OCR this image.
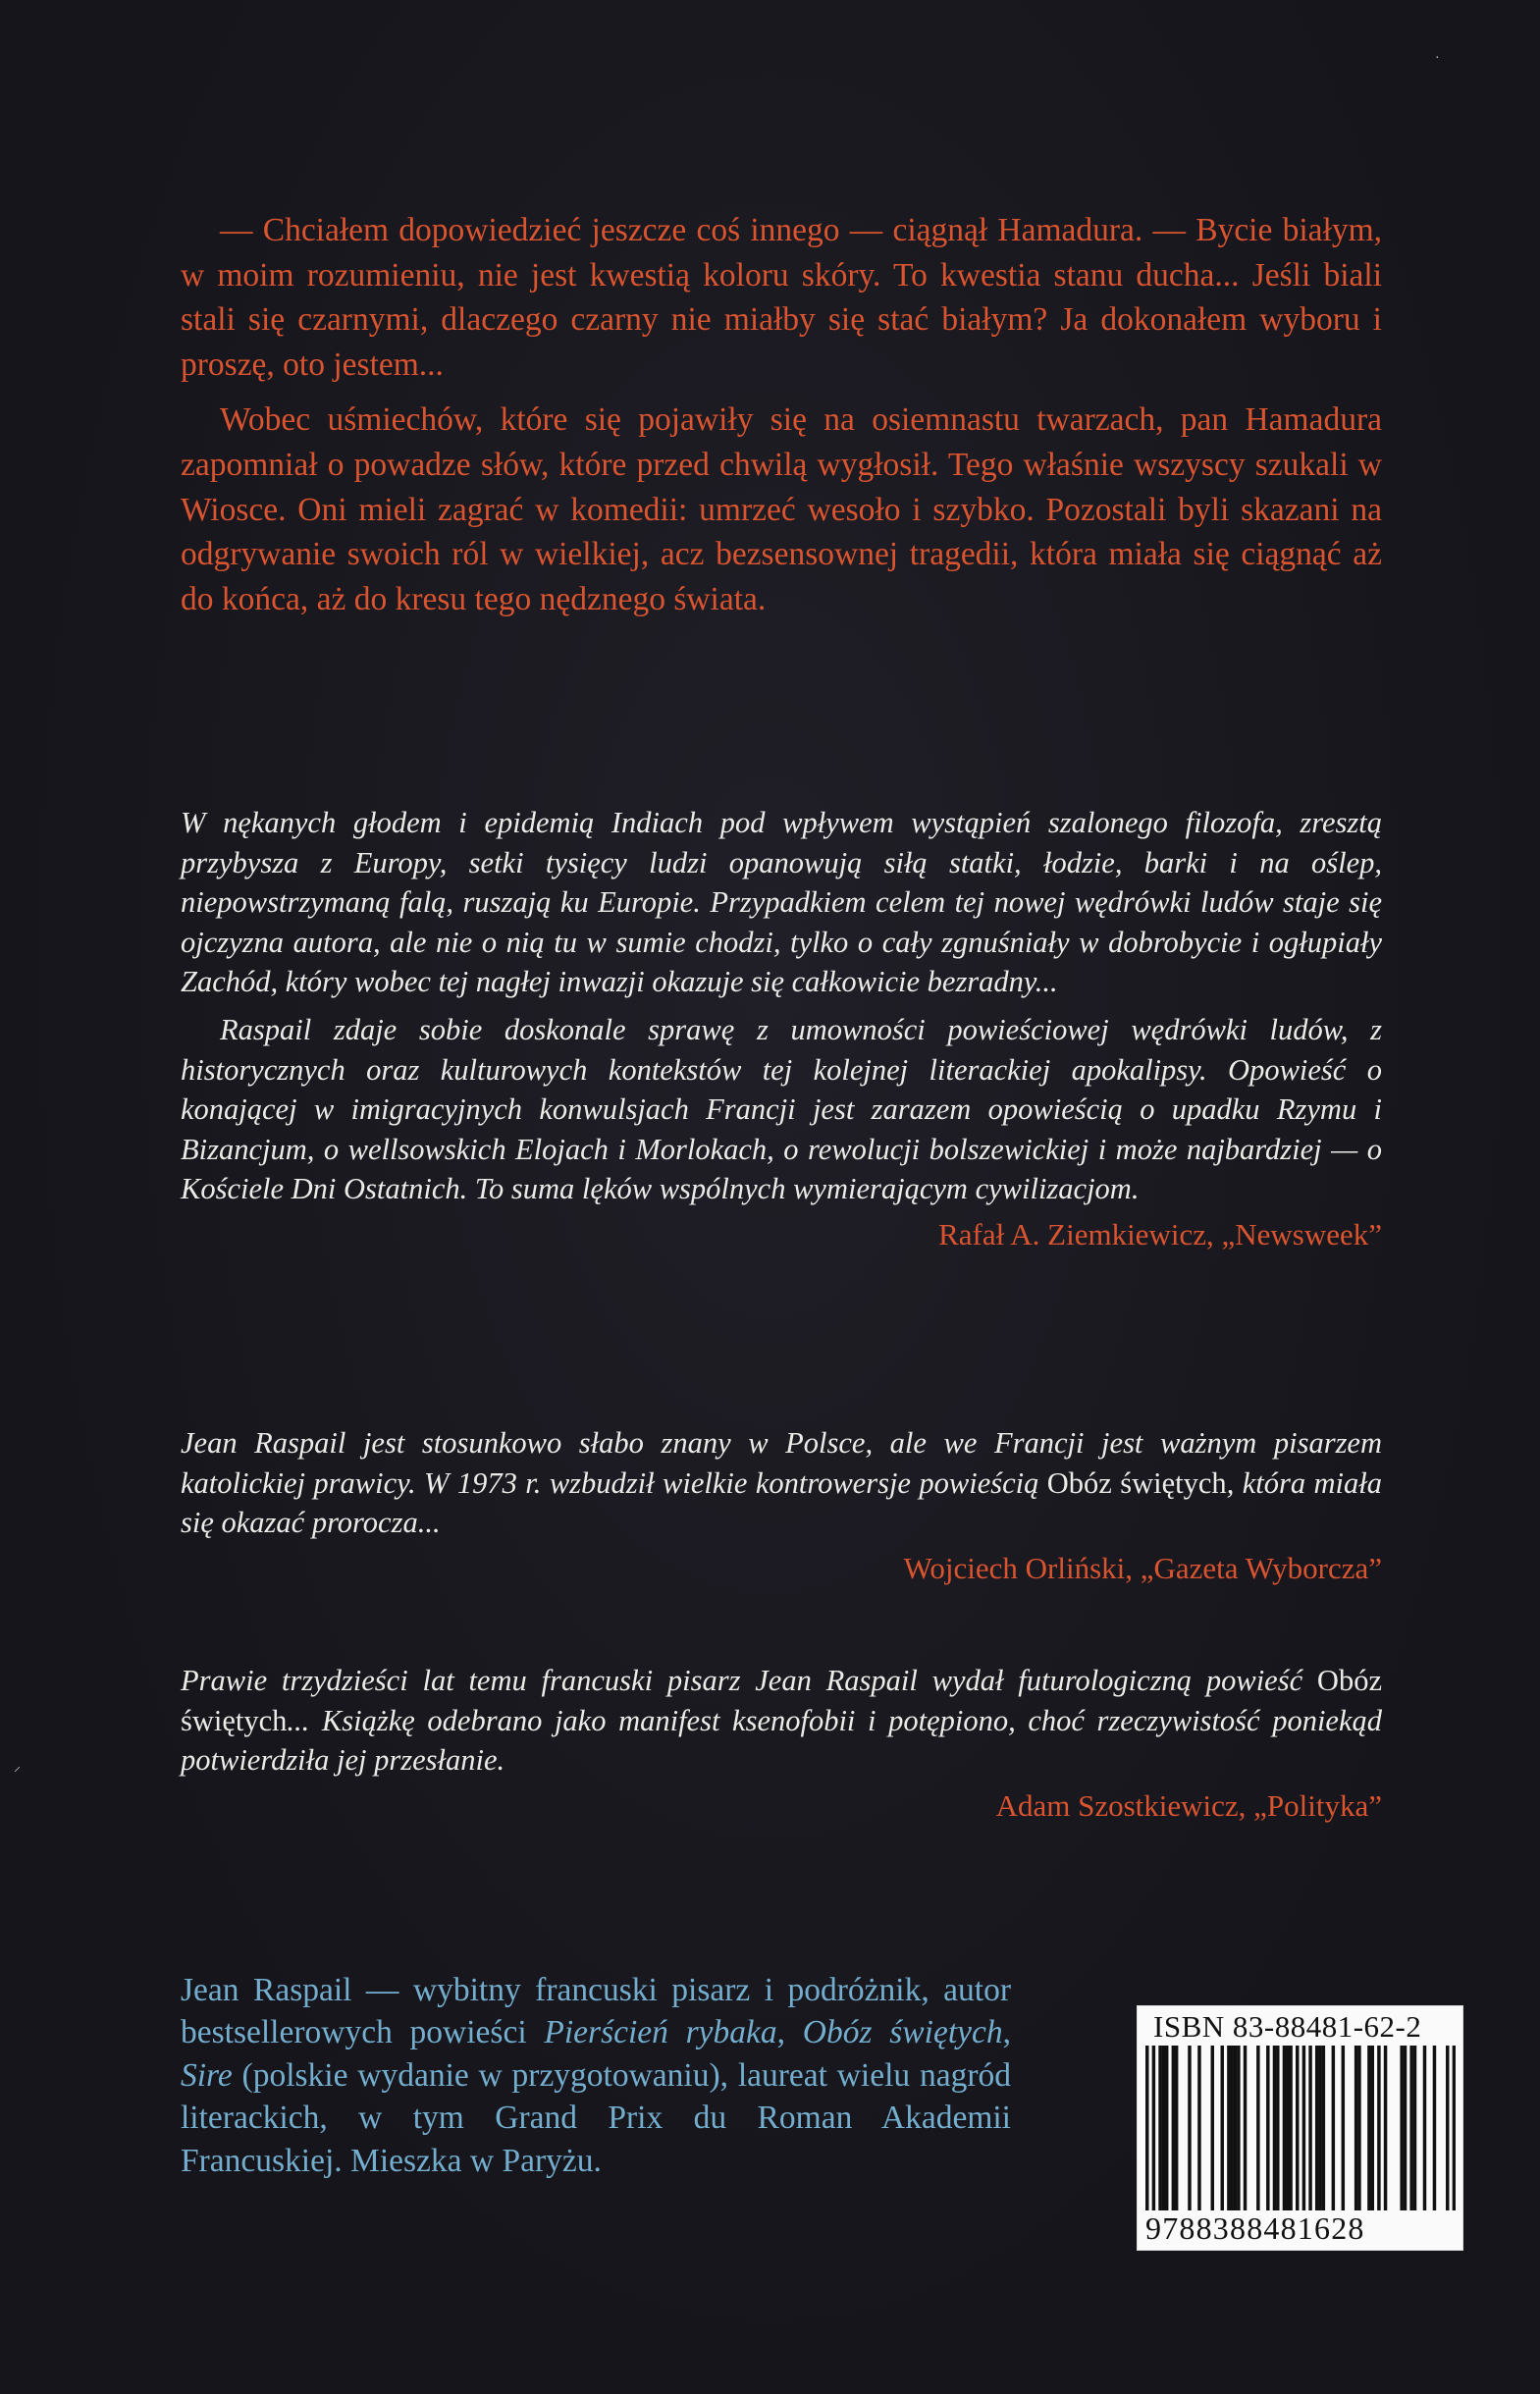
·
⸝

— Chciałem dopowiedzieć jeszcze coś innego — ciągnął Hamadura. — Bycie białym, w moim rozumieniu, nie jest kwestią koloru skóry. To kwestia stanu ducha... Jeśli biali stali się czarnymi, dlaczego czarny nie miałby się stać białym? Ja dokonałem wyboru i proszę, oto jestem...

Wobec uśmiechów, które się pojawiły się na osiemnastu twarzach, pan Hamadura zapomniał o powadze słów, które przed chwilą wygłosił. Tego właśnie wszyscy szukali w Wiosce. Oni mieli zagrać w komedii: umrzeć wesoło i szybko. Pozostali byli skazani na odgrywanie swoich ról w wielkiej, acz bezsensownej tragedii, która miała się ciągnąć aż do końca, aż do kresu tego nędznego świata.

W nękanych głodem i epidemią Indiach pod wpływem wystąpień szalonego filozofa, zresztą przybysza z Europy, setki tysięcy ludzi opanowują siłą statki, łodzie, barki i na oślep, niepowstrzymaną falą, ruszają ku Europie. Przypadkiem celem tej nowej wędrówki ludów staje się ojczyzna autora, ale nie o nią tu w sumie chodzi, tylko o cały zgnuśniały w dobrobycie i ogłupiały Zachód, który wobec tej nagłej inwazji okazuje się całkowicie bezradny...

Raspail zdaje sobie doskonale sprawę z umowności powieściowej wędrówki ludów, z historycznych oraz kulturowych kontekstów tej kolejnej literackiej apokalipsy. Opowieść o konającej w imigracyjnych konwulsjach Francji jest zarazem opowieścią o upadku Rzymu i Bizancjum, o wellsowskich Elojach i Morlokach, o rewolucji bolszewickiej i może najbardziej — o Kościele Dni Ostatnich. To suma lęków wspólnych wymierającym cywilizacjom.

Rafał A. Ziemkiewicz, „Newsweek”

Jean Raspail jest stosunkowo słabo znany w Polsce, ale we Francji jest ważnym pisarzem katolickiej prawicy. W 1973 r. wzbudził wielkie kontrowersje powieścią Obóz świętych, która miała się okazać prorocza...

Wojciech Orliński, „Gazeta Wyborcza”

Prawie trzydzieści lat temu francuski pisarz Jean Raspail wydał futurologiczną powieść Obóz świętych... Książkę odebrano jako manifest ksenofobii i potępiono, choć rzeczywistość poniekąd potwierdziła jej przesłanie.

Adam Szostkiewicz, „Polityka”

Jean Raspail — wybitny francuski pisarz i podróżnik, autor bestsellerowych powieści Pierścień rybaka, Obóz świętych, Sire (polskie wydanie w przygotowaniu), laureat wielu nagród literackich, w tym Grand Prix du Roman Akademii Francuskiej. Mieszka w Paryżu.

ISBN 83-88481-62-2
9788388481628
